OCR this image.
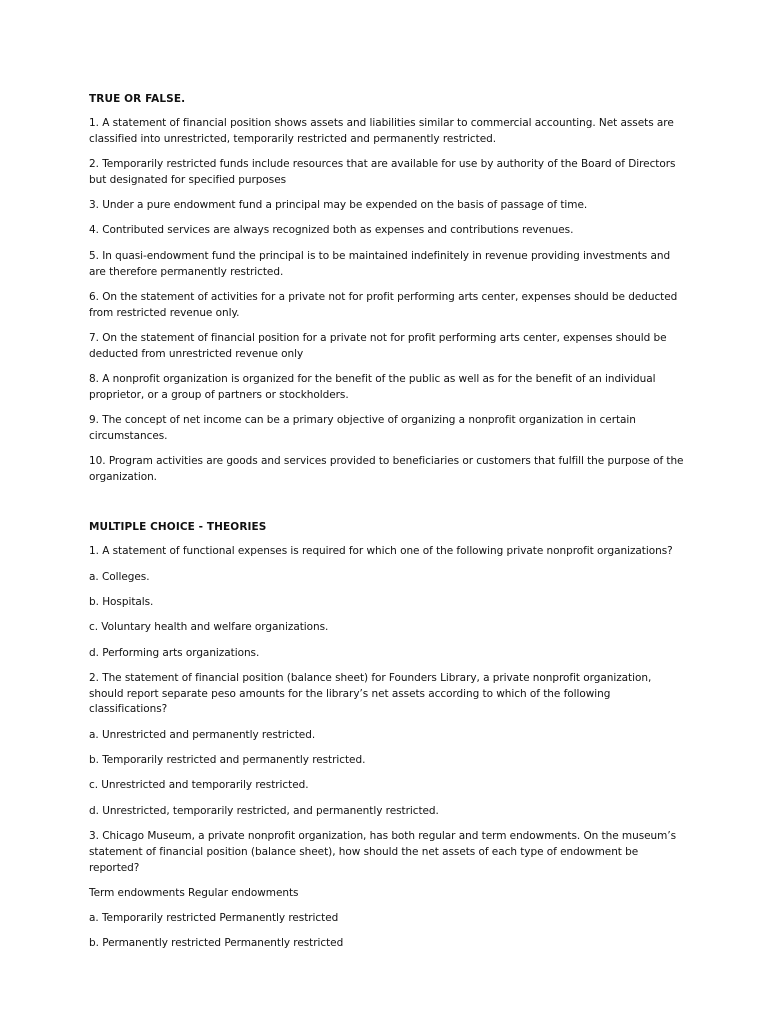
TRUE OR FALSE.
1. A statement of financial position shows assets and liabilities similar to commercial accounting. Net assets are classified into unrestricted, temporarily restricted and permanently restricted.
2. Temporarily restricted funds include resources that are available for use by authority of the Board of Directors but designated for specified purposes
3. Under a pure endowment fund a principal may be expended on the basis of passage of time.
4. Contributed services are always recognized both as expenses and contributions revenues.
5. In quasi-endowment fund the principal is to be maintained indefinitely in revenue providing investments and are therefore permanently restricted.
6. On the statement of activities for a private not for profit performing arts center, expenses should be deducted from restricted revenue only.
7. On the statement of financial position for a private not for profit performing arts center, expenses should be deducted from unrestricted revenue only
8. A nonprofit organization is organized for the benefit of the public as well as for the benefit of an individual proprietor, or a group of partners or stockholders.
9. The concept of net income can be a primary objective of organizing a nonprofit organization in certain circumstances.
10. Program activities are goods and services provided to beneficiaries or customers that fulfill the purpose of the organization.
MULTIPLE CHOICE - THEORIES
1. A statement of functional expenses is required for which one of the following private nonprofit organizations?
a. Colleges.
b. Hospitals.
c. Voluntary health and welfare organizations.
d. Performing arts organizations.
2. The statement of financial position (balance sheet) for Founders Library, a private nonprofit organization, should report separate peso amounts for the library’s net assets according to which of the following classifications?
a. Unrestricted and permanently restricted.
b. Temporarily restricted and permanently restricted.
c. Unrestricted and temporarily restricted.
d. Unrestricted, temporarily restricted, and permanently restricted.
3. Chicago Museum, a private nonprofit organization, has both regular and term endowments. On the museum’s statement of financial position (balance sheet), how should the net assets of each type of endowment be reported?
Term endowments Regular endowments
a. Temporarily restricted Permanently restricted
b. Permanently restricted Permanently restricted
